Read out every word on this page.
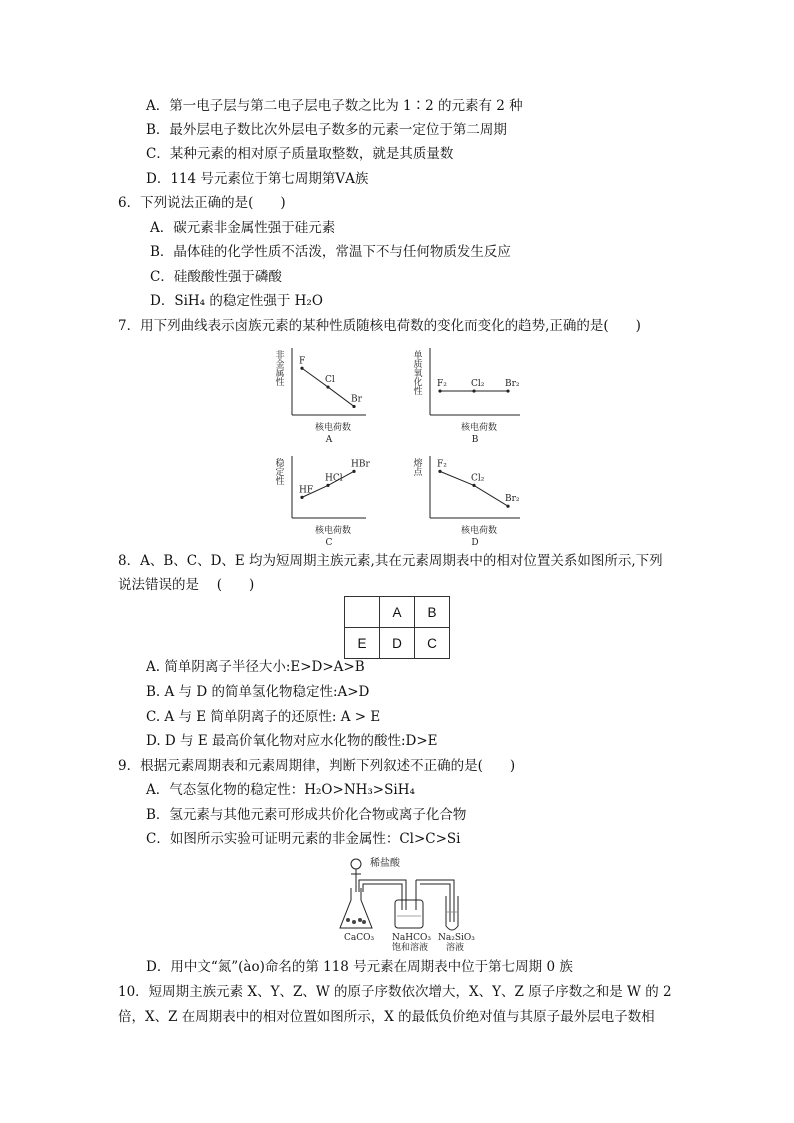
A．第一电子层与第二电子层电子数之比为 1∶2 的元素有 2 种
B．最外层电子数比次外层电子数多的元素一定位于第二周期
C．某种元素的相对原子质量取整数，就是其质量数
D．114 号元素位于第七周期第ⅤA族
6．下列说法正确的是(　　)
A．碳元素非金属性强于硅元素
B．晶体硅的化学性质不活泼，常温下不与任何物质发生反应
C．硅酸酸性强于磷酸
D．SiH₄ 的稳定性强于 H₂O
7．用下列曲线表示卤族元素的某种性质随核电荷数的变化而变化的趋势,正确的是(　　)
非
金
属
性
核电荷数
A
F
Cl
Br
单
质
氧
化
性
核电荷数
B
F₂	Cl₂ Br₂
稳
定
性
核电荷数
C
HF
HCl
HBr	熔
点
核电荷数
D
F₂
Cl₂
Br₂
8．A、B、C、D、E 均为短周期主族元素,其在元素周期表中的相对位置关系如图所示,下列
说法错误的是　 (　　)
	A	B
E	D	C
A. 简单阴离子半径大小:E>D>A>B
B. A 与 D 的简单氢化物稳定性:A>D
C. A 与 E 简单阴离子的还原性: A > E
D. D 与 E 最高价氧化物对应水化物的酸性:D>E
9．根据元素周期表和元素周期律，判断下列叙述不正确的是(　　)
A．气态氢化物的稳定性：H₂O>NH₃>SiH₄
B．氢元素与其他元素可形成共价化合物或离子化合物
C．如图所示实验可证明元素的非金属性：Cl>C>Si
稀盐酸
CaCO₃ NaHCO₃
饱和溶液
Na₂SiO₃
溶液
D．用中文“氮”(ào)命名的第 118 号元素在周期表中位于第七周期 0 族
10．短周期主族元素 X、Y、Z、W 的原子序数依次增大，X、Y、Z 原子序数之和是 W 的 2
倍，X、Z 在周期表中的相对位置如图所示，X 的最低负价绝对值与其原子最外层电子数相
